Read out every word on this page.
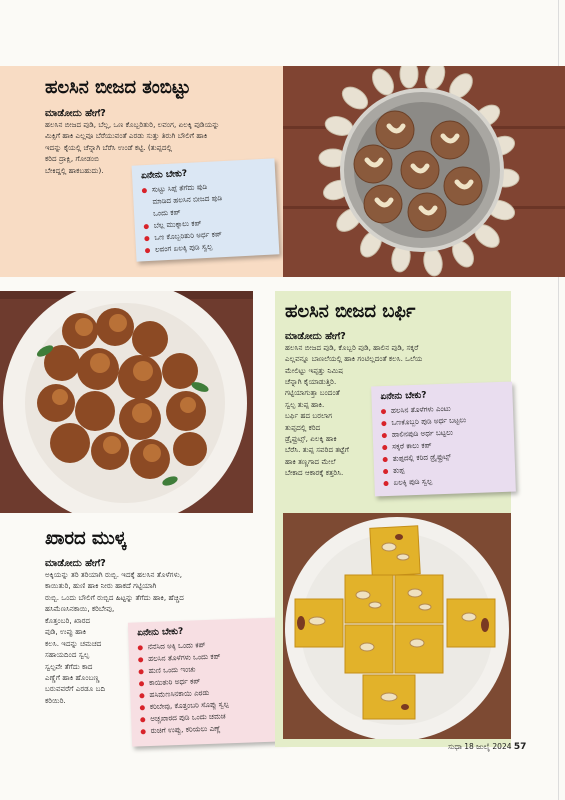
ಹಲಸಿನ ಬೀಜದ ತಂಬಿಟ್ಟು
ಮಾಡೋದು ಹೇಗೆ?
ಹಲಸಿನ ಬೀಜದ ಪುಡಿ, ಬೆಲ್ಲ, ಒಣ ಕೊಬ್ಬರಿತುರಿ, ಲವಂಗ, ಏಲಕ್ಕಿ ಪುಡಿಯನ್ನು
ಮಿಕ್ಸಿಗೆ ಹಾಕಿ ಎಲ್ಲವೂ ಬೆರೆಯುವಂತೆ ಎರಡು ಸುತ್ತು ತಿರುಗಿ ಬೌಲಿಗೆ ಹಾಕಿ
ಇದನ್ನು ಕೈಯಲ್ಲಿ ಚೆನ್ನಾಗಿ ಬೆರೆಸಿ ಉಂಡೆ ಕಟ್ಟಿ. (ತುಪ್ಪದಲ್ಲಿ
ಕರಿದ ದ್ರಾಕ್ಷಿ, ಗೋಡಂಬಿ
ಬೇಕಿದ್ದಲ್ಲಿ ಹಾಕಬಹುದು).	ಏನೇನು ಬೇಕು?
ಸುಟ್ಟು ಸಿಪ್ಪೆ ತೆಗೆದು ಪುಡಿ
ಮಾಡಿದ ಹಲಸಿನ ಬೀಜದ ಪುಡಿ
ಒಂದು ಕಪ್
ಬೆಲ್ಲ ಮುಕ್ಕಾಲು ಕಪ್
ಒಣ ಕೊಬ್ಬರಿತುರಿ ಅರ್ಧ ಕಪ್
ಲವಂಗ ಏಲಕ್ಕಿ ಪುಡಿ ಸ್ವಲ್ಪ
ಹಲಸಿನ ಬೀಜದ ಬರ್ಫಿ
ಮಾಡೋದು ಹೇಗೆ?
ಹಲಸಿನ ಬೀಜದ ಪುಡಿ, ಕೊಬ್ಬರಿ ಪುಡಿ, ಹಾಲಿನ ಪುಡಿ, ಸಕ್ಕರೆ
ಎಲ್ಲವನ್ನೂ ಬಾಣಲೆಯಲ್ಲಿ ಹಾಕಿ ಗಂಟಿಲ್ಲದಂತೆ ಕಲಸಿ. ಒಲೆಯ
ಮೇಲಿಟ್ಟು ಇಪ್ಪತ್ತು ನಿಮಿಷ
ಚೆನ್ನಾಗಿ ಕೈಯಾಡುತ್ತಿರಿ.
ಗಟ್ಟಿಯಾಗುತ್ತಾ ಬಂದಂತೆ
ಸ್ವಲ್ಪ ತುಪ್ಪ ಹಾಕಿ.
ಬರ್ಫಿ ಹದ ಬರಲಾಗ
ತುಪ್ಪದಲ್ಲಿ ಕರಿದ
ಡ್ರೈಫ್ರುಟ್ಸ್, ಏಲಕ್ಕಿ ಹಾಕಿ
ಬೆರೆಸಿ. ತುಪ್ಪ ಸವರಿದ ತಟ್ಟೆಗೆ
ಹಾಕಿ ತಣ್ಣಗಾದ ಮೇಲೆ
ಬೇಕಾದ ಆಕಾರಕ್ಕೆ ಕತ್ತರಿಸಿ.
ಏನೇನು ಬೇಕು?
ಹಲಸಿನ ತೊಳೆಗಳು ಎಂಟು
ಒಣಕೊಬ್ಬರಿ ಪುಡಿ ಅರ್ಧ ಬಟ್ಟಲು
ಹಾಲಿನಪುಡಿ ಅರ್ಧ ಬಟ್ಟಲು
ಸಕ್ಕರೆ ಕಾಲು ಕಪ್
ತುಪ್ಪದಲ್ಲಿ ಕರಿದ ಡ್ರೈಫ್ರುಟ್ಸ್
ತುಪ್ಪ
ಏಲಕ್ಕಿ ಪುಡಿ ಸ್ವಲ್ಪ
ಖಾರದ ಮುಳ್ಕ
ಮಾಡೋದು ಹೇಗೆ?
ಅಕ್ಕಿಯನ್ನು ತರಿ ತರಿಯಾಗಿ ರುಬ್ಬಿ. ಇದಕ್ಕೆ ಹಲಸಿನ ತೊಳೆಗಳು,
ಕಾಯಿತುರಿ, ಹುಣಿ ಹಾಕಿ ನೀರು ಹಾಕದೆ ಗಟ್ಟಿಯಾಗಿ
ರುಬ್ಬಿ. ಒಂದು ಬೌಲಿಗೆ ರುಬ್ಬಿದ ಹಿಟ್ಟನ್ನು ತೆಗೆದು ಹಾಕಿ, ಹೆಚ್ಚಿದ
ಹಸಿಮೆಣಸಿನಕಾಯಿ, ಕರಿಬೇವು,
ಕೊತ್ತಂಬರಿ, ಖಾರದ
ಪುಡಿ, ಉಪ್ಪು ಹಾಕಿ
ಕಲಸಿ. ಇದನ್ನು ಚಮಚದ
ಸಹಾಯದಿಂದ ಸ್ವಲ್ಪ
ಸ್ವಲ್ಪವೇ ತೆಗೆದು ಕಾದ
ಎಣ್ಣೆಗೆ ಹಾಕಿ ಹೊಂಬಣ್ಣ
ಬರುವವರೆಗೆ ಎರಡೂ ಬದಿ
ಕರಿಯಿರಿ.
ಏನೇನು ಬೇಕು?
ನೆನೆಸಿದ ಅಕ್ಕಿ ಒಂದು ಕಪ್
ಹಲಸಿನ ತೊಳೆಗಳು ಒಂದು ಕಪ್
ಹುಣಿ ಒಂದು ಇಂಚು
ಕಾಯಿತುರಿ ಅರ್ಧ ಕಪ್
ಹಸಿಮೆಣಸಿನಕಾಯಿ ಎರಡು
ಕರಿಬೇವು, ಕೊತ್ತಂಬರಿ ಸೊಪ್ಪು ಸ್ವಲ್ಪ
ಅಚ್ಚಖಾರದ ಪುಡಿ ಒಂದು ಚಮಚ
ರುಚಿಗೆ ಉಪ್ಪು, ಕರಿಯಲು ಎಣ್ಣೆ
ಸುಧಾ 18 ಜುಲೈ 2024 57
